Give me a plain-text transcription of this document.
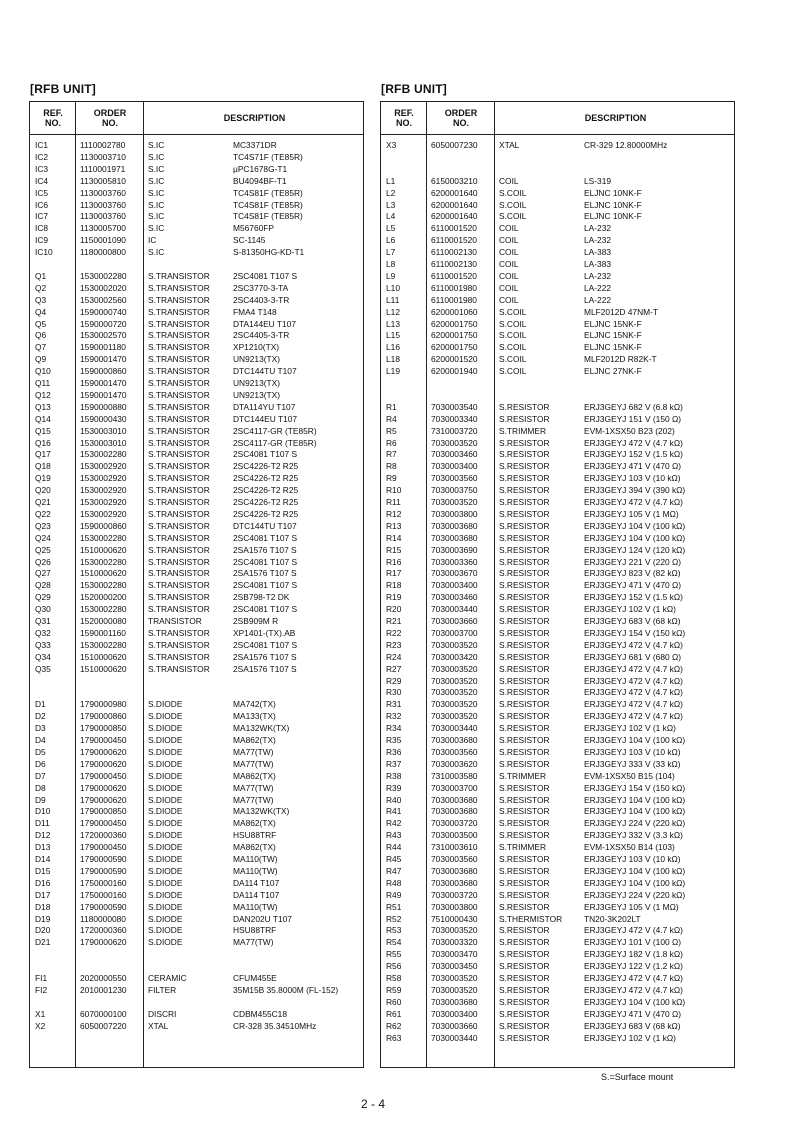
[RFB UNIT]	[RFB UNIT]
REF.
NO.
ORDER
NO.	DESCRIPTION
IC1	1110002780	S.IC	MC3371DR
IC2	1130003710	S.IC	TC4S71F (TE85R)
IC3	1110001971	S.IC	μPC1678G-T1
IC4	1130005810	S.IC	BU4094BF-T1
IC5	1130003760	S.IC	TC4S81F (TE85R)
IC6	1130003760	S.IC	TC4S81F (TE85R)
IC7	1130003760	S.IC	TC4S81F (TE85R)
IC8	1130005700	S.IC	M56760FP
IC9	1150001090	IC	SC-1145
IC10	1180000800	S.IC	S-81350HG-KD-T1
Q1	1530002280	S.TRANSISTOR	2SC4081 T107 S
Q2	1530002020	S.TRANSISTOR	2SC3770-3-TA
Q3	1530002560	S.TRANSISTOR	2SC4403-3-TR
Q4	1590000740	S.TRANSISTOR	FMA4 T148
Q5	1590000720	S.TRANSISTOR	DTA144EU T107
Q6	1530002570	S.TRANSISTOR	2SC4405-3-TR
Q7	1590001180	S.TRANSISTOR	XP1210(TX)
Q9	1590001470	S.TRANSISTOR	UN9213(TX)
Q10	1590000860	S.TRANSISTOR	DTC144TU T107
Q11	1590001470	S.TRANSISTOR	UN9213(TX)
Q12	1590001470	S.TRANSISTOR	UN9213(TX)
Q13	1590000880	S.TRANSISTOR	DTA114YU T107
Q14	1590000430	S.TRANSISTOR	DTC144EU T107
Q15	1530003010	S.TRANSISTOR	2SC4117-GR (TE85R)
Q16	1530003010	S.TRANSISTOR	2SC4117-GR (TE85R)
Q17	1530002280	S.TRANSISTOR	2SC4081 T107 S
Q18	1530002920	S.TRANSISTOR	2SC4226-T2 R25
Q19	1530002920	S.TRANSISTOR	2SC4226-T2 R25
Q20	1530002920	S.TRANSISTOR	2SC4226-T2 R25
Q21	1530002920	S.TRANSISTOR	2SC4226-T2 R25
Q22	1530002920	S.TRANSISTOR	2SC4226-T2 R25
Q23	1590000860	S.TRANSISTOR	DTC144TU T107
Q24	1530002280	S.TRANSISTOR	2SC4081 T107 S
Q25	1510000620	S.TRANSISTOR	2SA1576 T107 S
Q26	1530002280	S.TRANSISTOR	2SC4081 T107 S
Q27	1510000620	S.TRANSISTOR	2SA1576 T107 S
Q28	1530002280	S.TRANSISTOR	2SC4081 T107 S
Q29	1520000200	S.TRANSISTOR	2SB798-T2 DK
Q30	1530002280	S.TRANSISTOR	2SC4081 T107 S
Q31	1520000080	TRANSISTOR	2SB909M R
Q32	1590001160	S.TRANSISTOR	XP1401-(TX).AB
Q33	1530002280	S.TRANSISTOR	2SC4081 T107 S
Q34	1510000620	S.TRANSISTOR	2SA1576 T107 S
Q35	1510000620	S.TRANSISTOR	2SA1576 T107 S
D1	1790000980	S.DIODE	MA742(TX)
D2	1790000860	S.DIODE	MA133(TX)
D3	1790000850	S.DIODE	MA132WK(TX)
D4	1790000450	S.DIODE	MA862(TX)
D5	1790000620	S.DIODE	MA77(TW)
D6	1790000620	S.DIODE	MA77(TW)
D7	1790000450	S.DIODE	MA862(TX)
D8	1790000620	S.DIODE	MA77(TW)
D9	1790000620	S.DIODE	MA77(TW)
D10	1790000850	S.DIODE	MA132WK(TX)
D11	1790000450	S.DIODE	MA862(TX)
D12	1720000360	S.DIODE	HSU88TRF
D13	1790000450	S.DIODE	MA862(TX)
D14	1790000590	S.DIODE	MA110(TW)
D15	1790000590	S.DIODE	MA110(TW)
D16	1750000160	S.DIODE	DA114 T107
D17	1750000160	S.DIODE	DA114 T107
D18	1790000590	S.DIODE	MA110(TW)
D19	1180000080	S.DIODE	DAN202U T107
D20	1720000360	S.DIODE	HSU88TRF
D21	1790000620	S.DIODE	MA77(TW)
FI1	2020000550	CERAMIC	CFUM455E
FI2	2010001230	FILTER	35M15B 35.8000M (FL-152)
X1	6070000100	DISCRI	CDBM455C18
X2	6050007220	XTAL	CR-328 35.34510MHz
REF.
NO.
ORDER
NO.	DESCRIPTION
X3	6050007230	XTAL	CR-329 12.80000MHz
L1	6150003210	COIL	LS-319
L2	6200001640	S.COIL	ELJNC 10NK-F
L3	6200001640	S.COIL	ELJNC 10NK-F
L4	6200001640	S.COIL	ELJNC 10NK-F
L5	6110001520	COIL	LA-232
L6	6110001520	COIL	LA-232
L7	6110002130	COIL	LA-383
L8	6110002130	COIL	LA-383
L9	6110001520	COIL	LA-232
L10	6110001980	COIL	LA-222
L11	6110001980	COIL	LA-222
L12	6200001060	S.COIL	MLF2012D 47NM-T
L13	6200001750	S.COIL	ELJNC 15NK-F
L15	6200001750	S.COIL	ELJNC 15NK-F
L16	6200001750	S.COIL	ELJNC 15NK-F
L18	6200001520	S.COIL	MLF2012D R82K-T
L19	6200001940	S.COIL	ELJNC 27NK-F
R1	7030003540	S.RESISTOR	ERJ3GEYJ 682 V (6.8 kΩ)
R4	7030003340	S.RESISTOR	ERJ3GEYJ 151 V (150 Ω)
R5	7310003720	S.TRIMMER	EVM-1XSX50 B23 (202)
R6	7030003520	S.RESISTOR	ERJ3GEYJ 472 V (4.7 kΩ)
R7	7030003460	S.RESISTOR	ERJ3GEYJ 152 V (1.5 kΩ)
R8	7030003400	S.RESISTOR	ERJ3GEYJ 471 V (470 Ω)
R9	7030003560	S.RESISTOR	ERJ3GEYJ 103 V (10 kΩ)
R10	7030003750	S.RESISTOR	ERJ3GEYJ 394 V (390 kΩ)
R11	7030003520	S.RESISTOR	ERJ3GEYJ 472 V (4.7 kΩ)
R12	7030003800	S.RESISTOR	ERJ3GEYJ 105 V (1 MΩ)
R13	7030003680	S.RESISTOR	ERJ3GEYJ 104 V (100 kΩ)
R14	7030003680	S.RESISTOR	ERJ3GEYJ 104 V (100 kΩ)
R15	7030003690	S.RESISTOR	ERJ3GEYJ 124 V (120 kΩ)
R16	7030003360	S.RESISTOR	ERJ3GEYJ 221 V (220 Ω)
R17	7030003670	S.RESISTOR	ERJ3GEYJ 823 V (82 kΩ)
R18	7030003400	S.RESISTOR	ERJ3GEYJ 471 V (470 Ω)
R19	7030003460	S.RESISTOR	ERJ3GEYJ 152 V (1.5 kΩ)
R20	7030003440	S.RESISTOR	ERJ3GEYJ 102 V (1 kΩ)
R21	7030003660	S.RESISTOR	ERJ3GEYJ 683 V (68 kΩ)
R22	7030003700	S.RESISTOR	ERJ3GEYJ 154 V (150 kΩ)
R23	7030003520	S.RESISTOR	ERJ3GEYJ 472 V (4.7 kΩ)
R24	7030003420	S.RESISTOR	ERJ3GEYJ 681 V (680 Ω)
R27	7030003520	S.RESISTOR	ERJ3GEYJ 472 V (4.7 kΩ)
R29	7030003520	S.RESISTOR	ERJ3GEYJ 472 V (4.7 kΩ)
R30	7030003520	S.RESISTOR	ERJ3GEYJ 472 V (4.7 kΩ)
R31	7030003520	S.RESISTOR	ERJ3GEYJ 472 V (4.7 kΩ)
R32	7030003520	S.RESISTOR	ERJ3GEYJ 472 V (4.7 kΩ)
R34	7030003440	S.RESISTOR	ERJ3GEYJ 102 V (1 kΩ)
R35	7030003680	S.RESISTOR	ERJ3GEYJ 104 V (100 kΩ)
R36	7030003560	S.RESISTOR	ERJ3GEYJ 103 V (10 kΩ)
R37	7030003620	S.RESISTOR	ERJ3GEYJ 333 V (33 kΩ)
R38	7310003580	S.TRIMMER	EVM-1XSX50 B15 (104)
R39	7030003700	S.RESISTOR	ERJ3GEYJ 154 V (150 kΩ)
R40	7030003680	S.RESISTOR	ERJ3GEYJ 104 V (100 kΩ)
R41	7030003680	S.RESISTOR	ERJ3GEYJ 104 V (100 kΩ)
R42	7030003720	S.RESISTOR	ERJ3GEYJ 224 V (220 kΩ)
R43	7030003500	S.RESISTOR	ERJ3GEYJ 332 V (3.3 kΩ)
R44	7310003610	S.TRIMMER	EVM-1XSX50 B14 (103)
R45	7030003560	S.RESISTOR	ERJ3GEYJ 103 V (10 kΩ)
R47	7030003680	S.RESISTOR	ERJ3GEYJ 104 V (100 kΩ)
R48	7030003680	S.RESISTOR	ERJ3GEYJ 104 V (100 kΩ)
R49	7030003720	S.RESISTOR	ERJ3GEYJ 224 V (220 kΩ)
R51	7030003800	S.RESISTOR	ERJ3GEYJ 105 V (1 MΩ)
R52	7510000430	S.THERMISTOR	TN20-3K202LT
R53	7030003520	S.RESISTOR	ERJ3GEYJ 472 V (4.7 kΩ)
R54	7030003320	S.RESISTOR	ERJ3GEYJ 101 V (100 Ω)
R55	7030003470	S.RESISTOR	ERJ3GEYJ 182 V (1.8 kΩ)
R56	7030003450	S.RESISTOR	ERJ3GEYJ 122 V (1.2 kΩ)
R58	7030003520	S.RESISTOR	ERJ3GEYJ 472 V (4.7 kΩ)
R59	7030003520	S.RESISTOR	ERJ3GEYJ 472 V (4.7 kΩ)
R60	7030003680	S.RESISTOR	ERJ3GEYJ 104 V (100 kΩ)
R61	7030003400	S.RESISTOR	ERJ3GEYJ 471 V (470 Ω)
R62	7030003660	S.RESISTOR	ERJ3GEYJ 683 V (68 kΩ)
R63	7030003440	S.RESISTOR	ERJ3GEYJ 102 V (1 kΩ)
S.=Surface mount
2 - 4
